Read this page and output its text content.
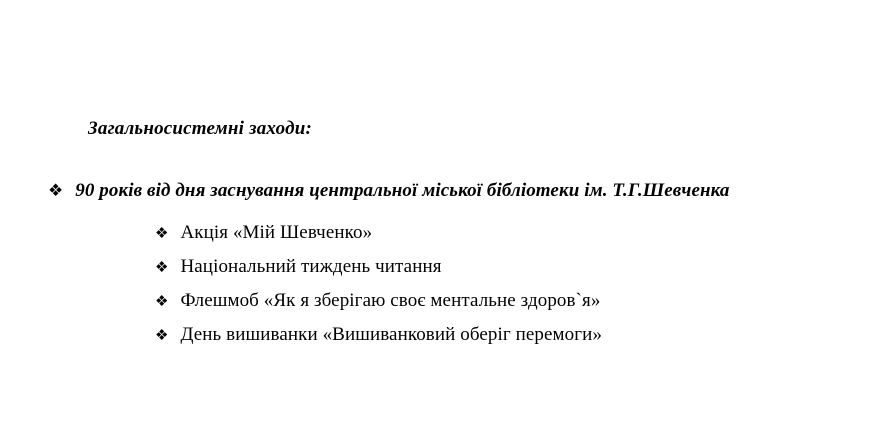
Загальносистемні заходи:
❖ 90 років від дня заснування центральної міської бібліотеки ім. Т.Г.Шевченка
❖ Акція «Мій Шевченко»
❖ Національний тиждень читання
❖ Флешмоб «Як я зберігаю своє ментальне здоров`я»
❖ День вишиванки «Вишиванковий оберіг перемоги»
